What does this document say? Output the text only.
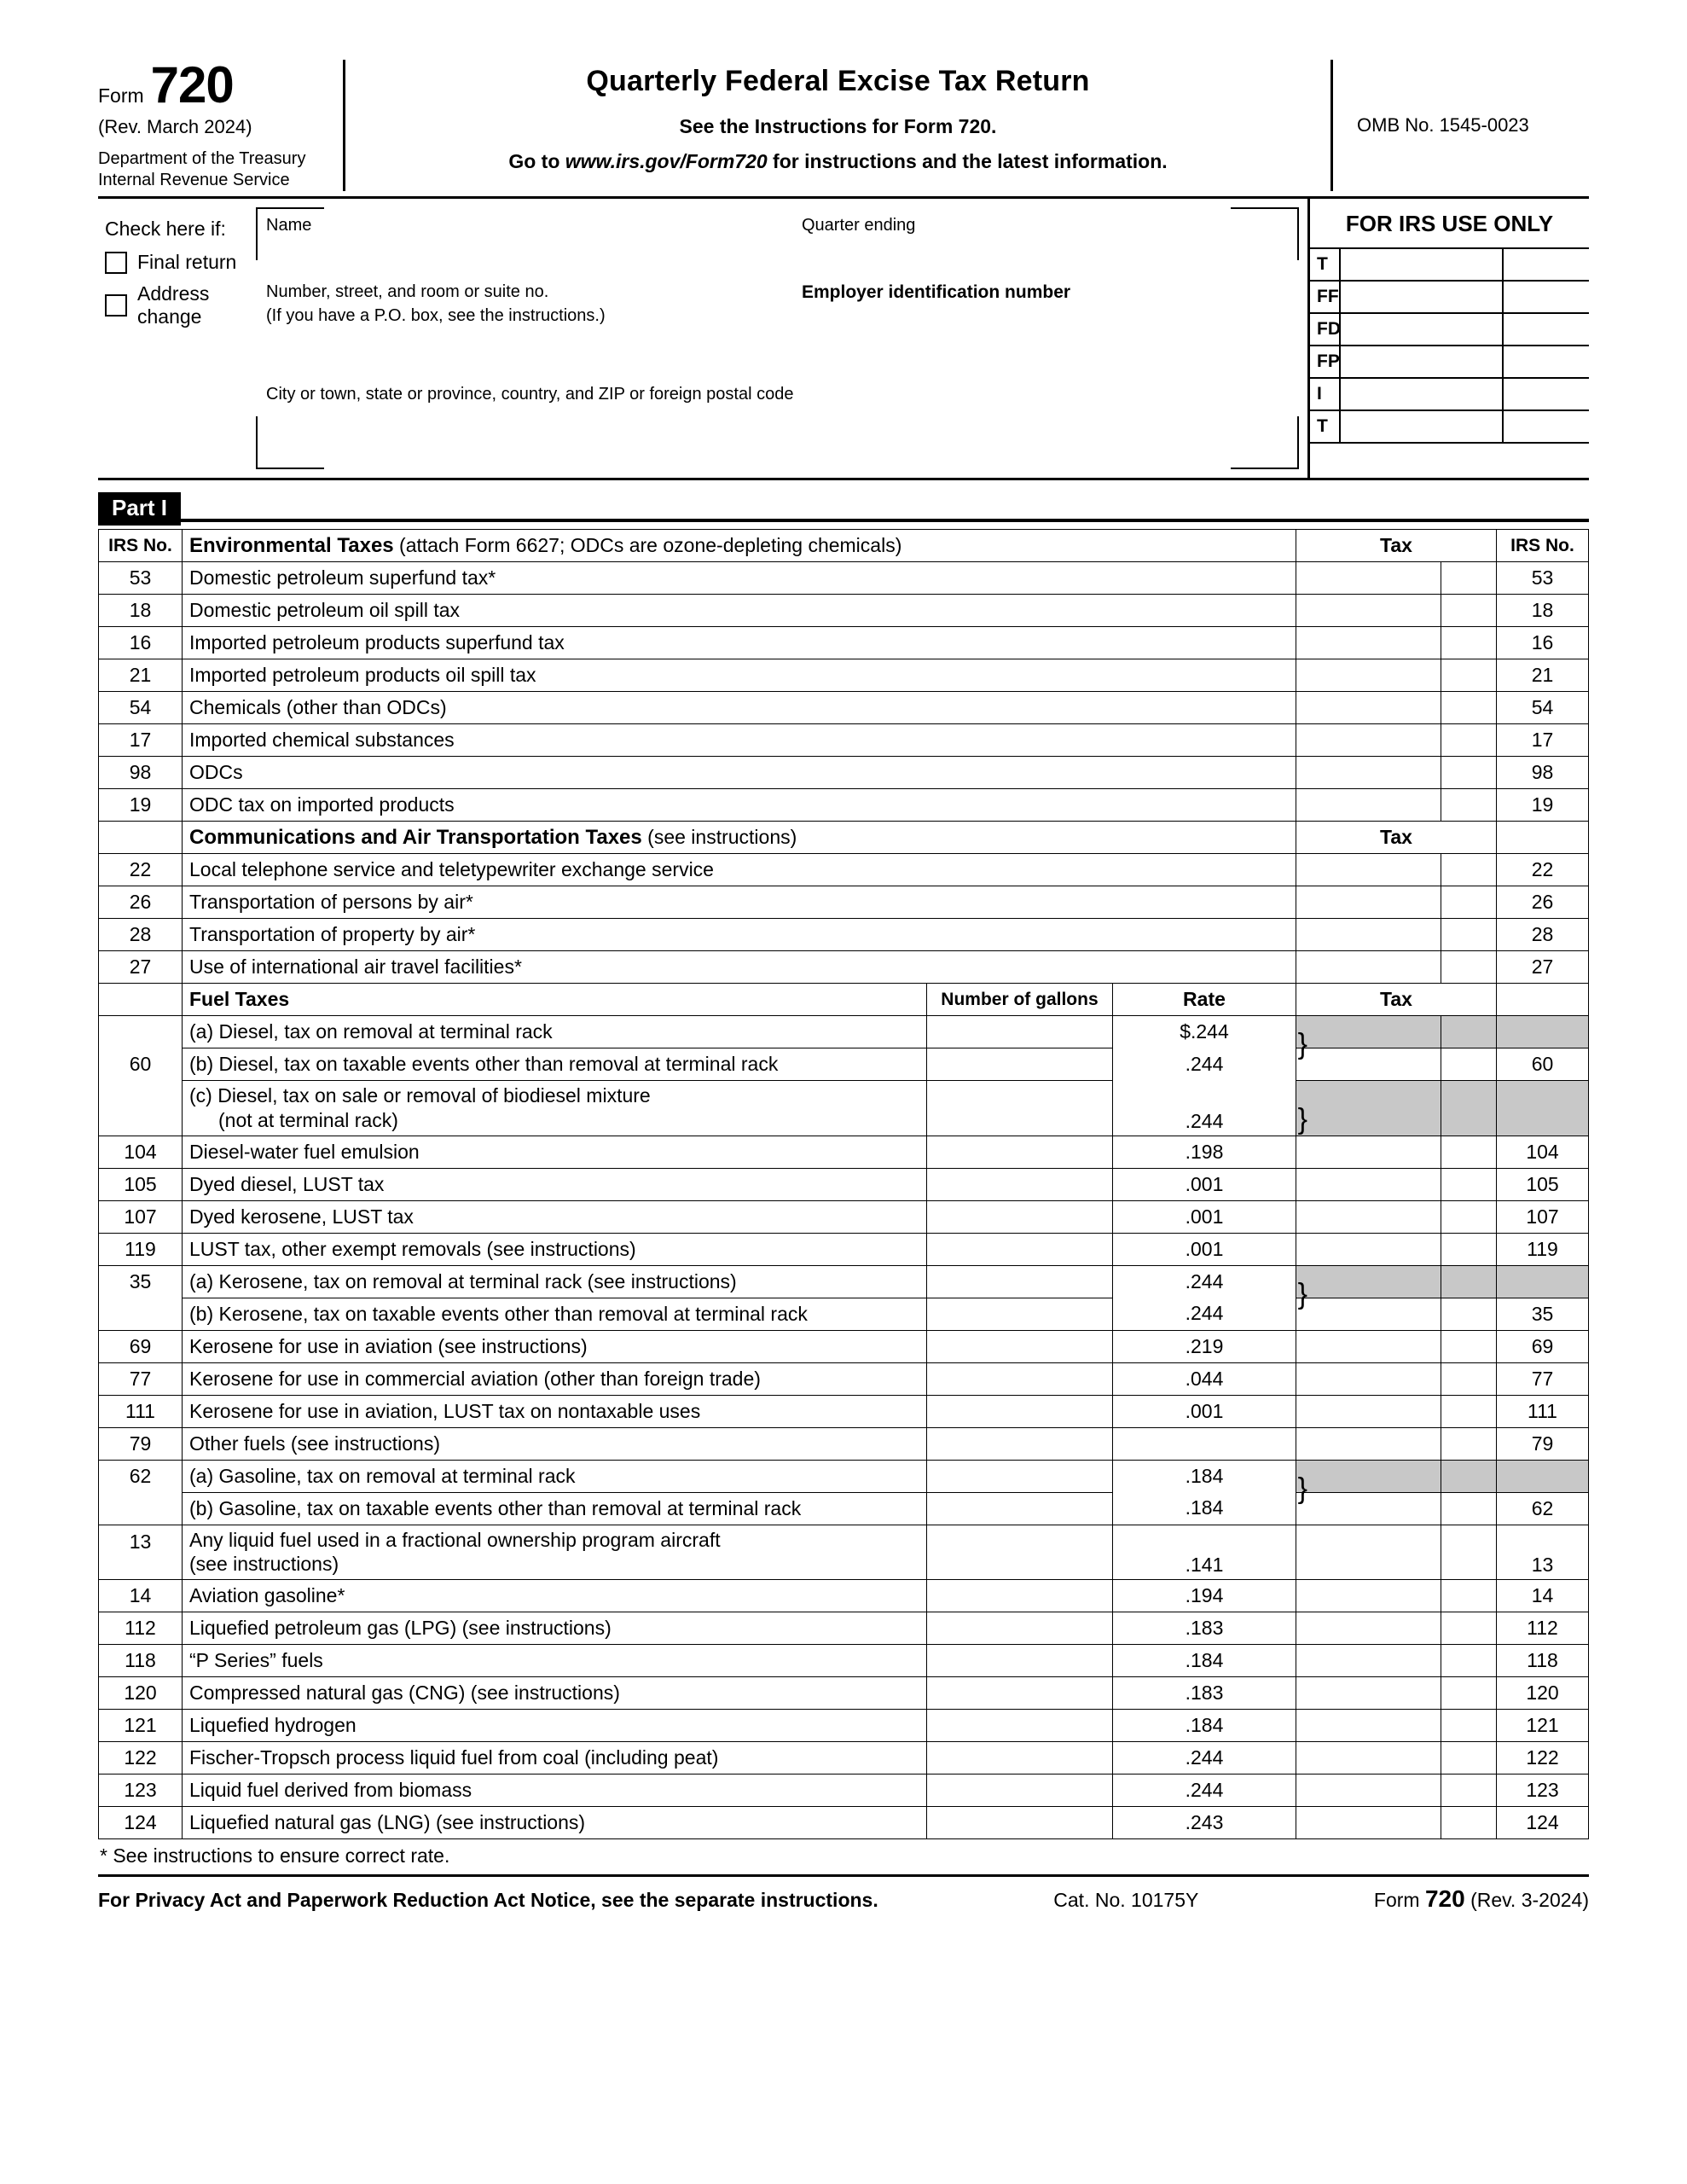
Form 720
(Rev. March 2024)
Department of the Treasury
Internal Revenue Service
Quarterly Federal Excise Tax Return
See the Instructions for Form 720.
Go to www.irs.gov/Form720 for instructions and the latest information.
OMB No. 1545-0023
Check here if:
Final return
Address change
Name	Quarter ending
Number, street, and room or suite no.
(If you have a P.O. box, see the instructions.)
Employer identification number
City or town, state or province, country, and ZIP or foreign postal code
FOR IRS USE ONLY
T
FF
FD
FP
I
T
Part I
IRS No.	Environmental Taxes (attach Form 6627; ODCs are ozone-depleting chemicals)			Tax		IRS No.
53	Domestic petroleum superfund tax*					53
18	Domestic petroleum oil spill tax					18
16	Imported petroleum products superfund tax					16
21	Imported petroleum products oil spill tax					21
54	Chemicals (other than ODCs)					54
17	Imported chemical substances					17
98	ODCs					98
19	ODC tax on imported products					19
	Communications and Air Transportation Taxes (see instructions)			Tax		
22	Local telephone service and teletypewriter exchange service					22
26	Transportation of persons by air*					26
28	Transportation of property by air*					28
27	Use of international air travel facilities*					27
	Fuel Taxes	Number of gallons	Rate	Tax		
	(a) Diesel, tax on removal at terminal rack		$.244 }			

60	(b) Diesel, tax on taxable events other than removal at terminal rack		.244			60

(c) Diesel, tax on sale or removal of biodiesel mixture
(not at terminal rack)		.244	}

104	Diesel-water fuel emulsion		.198			104
105	Dyed diesel, LUST tax		.001			105
107	Dyed kerosene, LUST tax		.001			107
119	LUST tax, other exempt removals (see instructions)		.001			119
35	(a) Kerosene, tax on removal at terminal rack (see instructions)		.244 }			

	(b) Kerosene, tax on taxable events other than removal at terminal rack		.244			35
69	Kerosene for use in aviation (see instructions)		.219			69
77	Kerosene for use in commercial aviation (other than foreign trade)		.044			77
111	Kerosene for use in aviation, LUST tax on nontaxable uses		.001			111
79	Other fuels (see instructions)					79
62	(a) Gasoline, tax on removal at terminal rack		.184 }			

	(b) Gasoline, tax on taxable events other than removal at terminal rack		.184			62
13	Any liquid fuel used in a fractional ownership program aircraft
(see instructions)		.141			13
14	Aviation gasoline*		.194			14
112	Liquefied petroleum gas (LPG) (see instructions)		.183			112
118	“P Series” fuels		.184			118
120	Compressed natural gas (CNG) (see instructions)		.183			120
121	Liquefied hydrogen		.184			121
122	Fischer-Tropsch process liquid fuel from coal (including peat)		.244			122
123	Liquid fuel derived from biomass		.244			123
124	Liquefied natural gas (LNG) (see instructions)		.243			124
* See instructions to ensure correct rate.
For Privacy Act and Paperwork Reduction Act Notice, see the separate instructions.	Cat. No. 10175Y	Form 720 (Rev. 3-2024)
